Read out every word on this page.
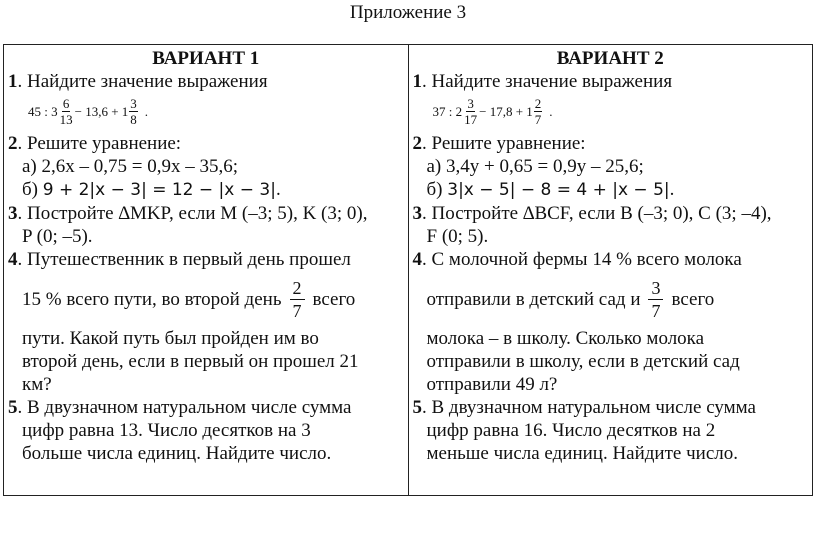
Приложение 3
ВАРИАНТ 1
1. Найдите значение выражения
45 : $3 \frac{6}{13} - 13,6 + 1 \frac{3}{8}$ .
2. Решите уравнение:
а) 2,6x – 0,75 = 0,9x – 35,6;
б) 9 + 2|x − 3| = 12 − |x − 3|.
3. Постройте ∆MKP, если M (–3; 5), K (3; 0),
P (0; –5).
4. Путешественник в первый день прошел
15 % всего пути, во второй день $\frac{2}{7}$ всего
пути. Какой путь был пройден им во
второй день, если в первый он прошел 21
км?
5. В двузначном натуральном числе сумма
цифр равна 13. Число десятков на 3
больше числа единиц. Найдите число.

ВАРИАНТ 2
1. Найдите значение выражения
37 : $2 \frac{3}{17} - 17,8 + 1 \frac{2}{7}$ .
2. Решите уравнение:
а) 3,4y + 0,65 = 0,9y – 25,6;
б) 3|x − 5| − 8 = 4 + |x − 5|.
3. Постройте ∆BCF, если B (–3; 0), C (3; –4),
F (0; 5).
4. С молочной фермы 14 % всего молока
отправили в детский сад и $\frac{3}{7}$ всего
молока – в школу. Сколько молока
отправили в школу, если в детский сад
отправили 49 л?
5. В двузначном натуральном числе сумма
цифр равна 16. Число десятков на 2
меньше числа единиц. Найдите число.
